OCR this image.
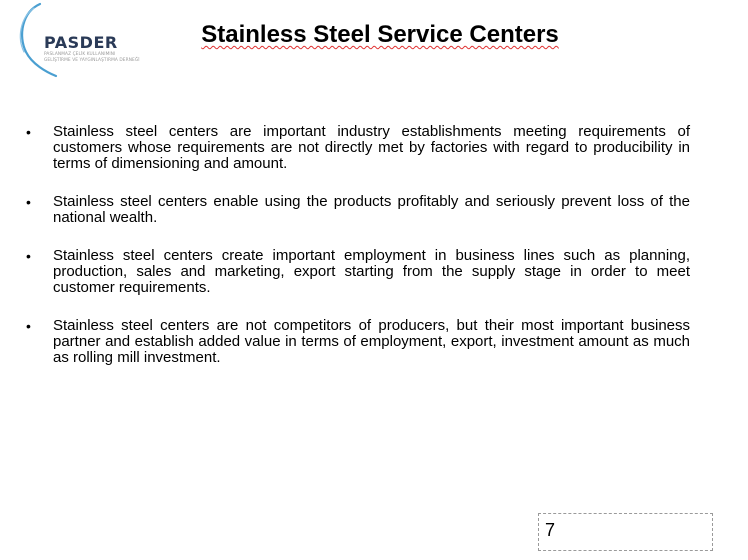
PASDER
PASLANMAZ ÇELİK KULLANIMINI
GELİŞTİRME VE YAYGINLAŞTIRMA DERNEĞİ
Stainless Steel Service Centers
• Stainless steel centers are important industry establishments meeting requirements of customers whose requirements are not directly met by factories with regard to producibility in terms of dimensioning and amount.
• Stainless steel centers enable using the products profitably and seriously prevent loss of the national wealth.
• Stainless steel centers create important employment in business lines such as planning, production, sales and marketing, export starting from the supply stage in order to meet customer requirements.
• Stainless steel centers are not competitors of producers, but their most important business partner and establish added value in terms of employment, export, investment amount as much as rolling mill investment.
7
